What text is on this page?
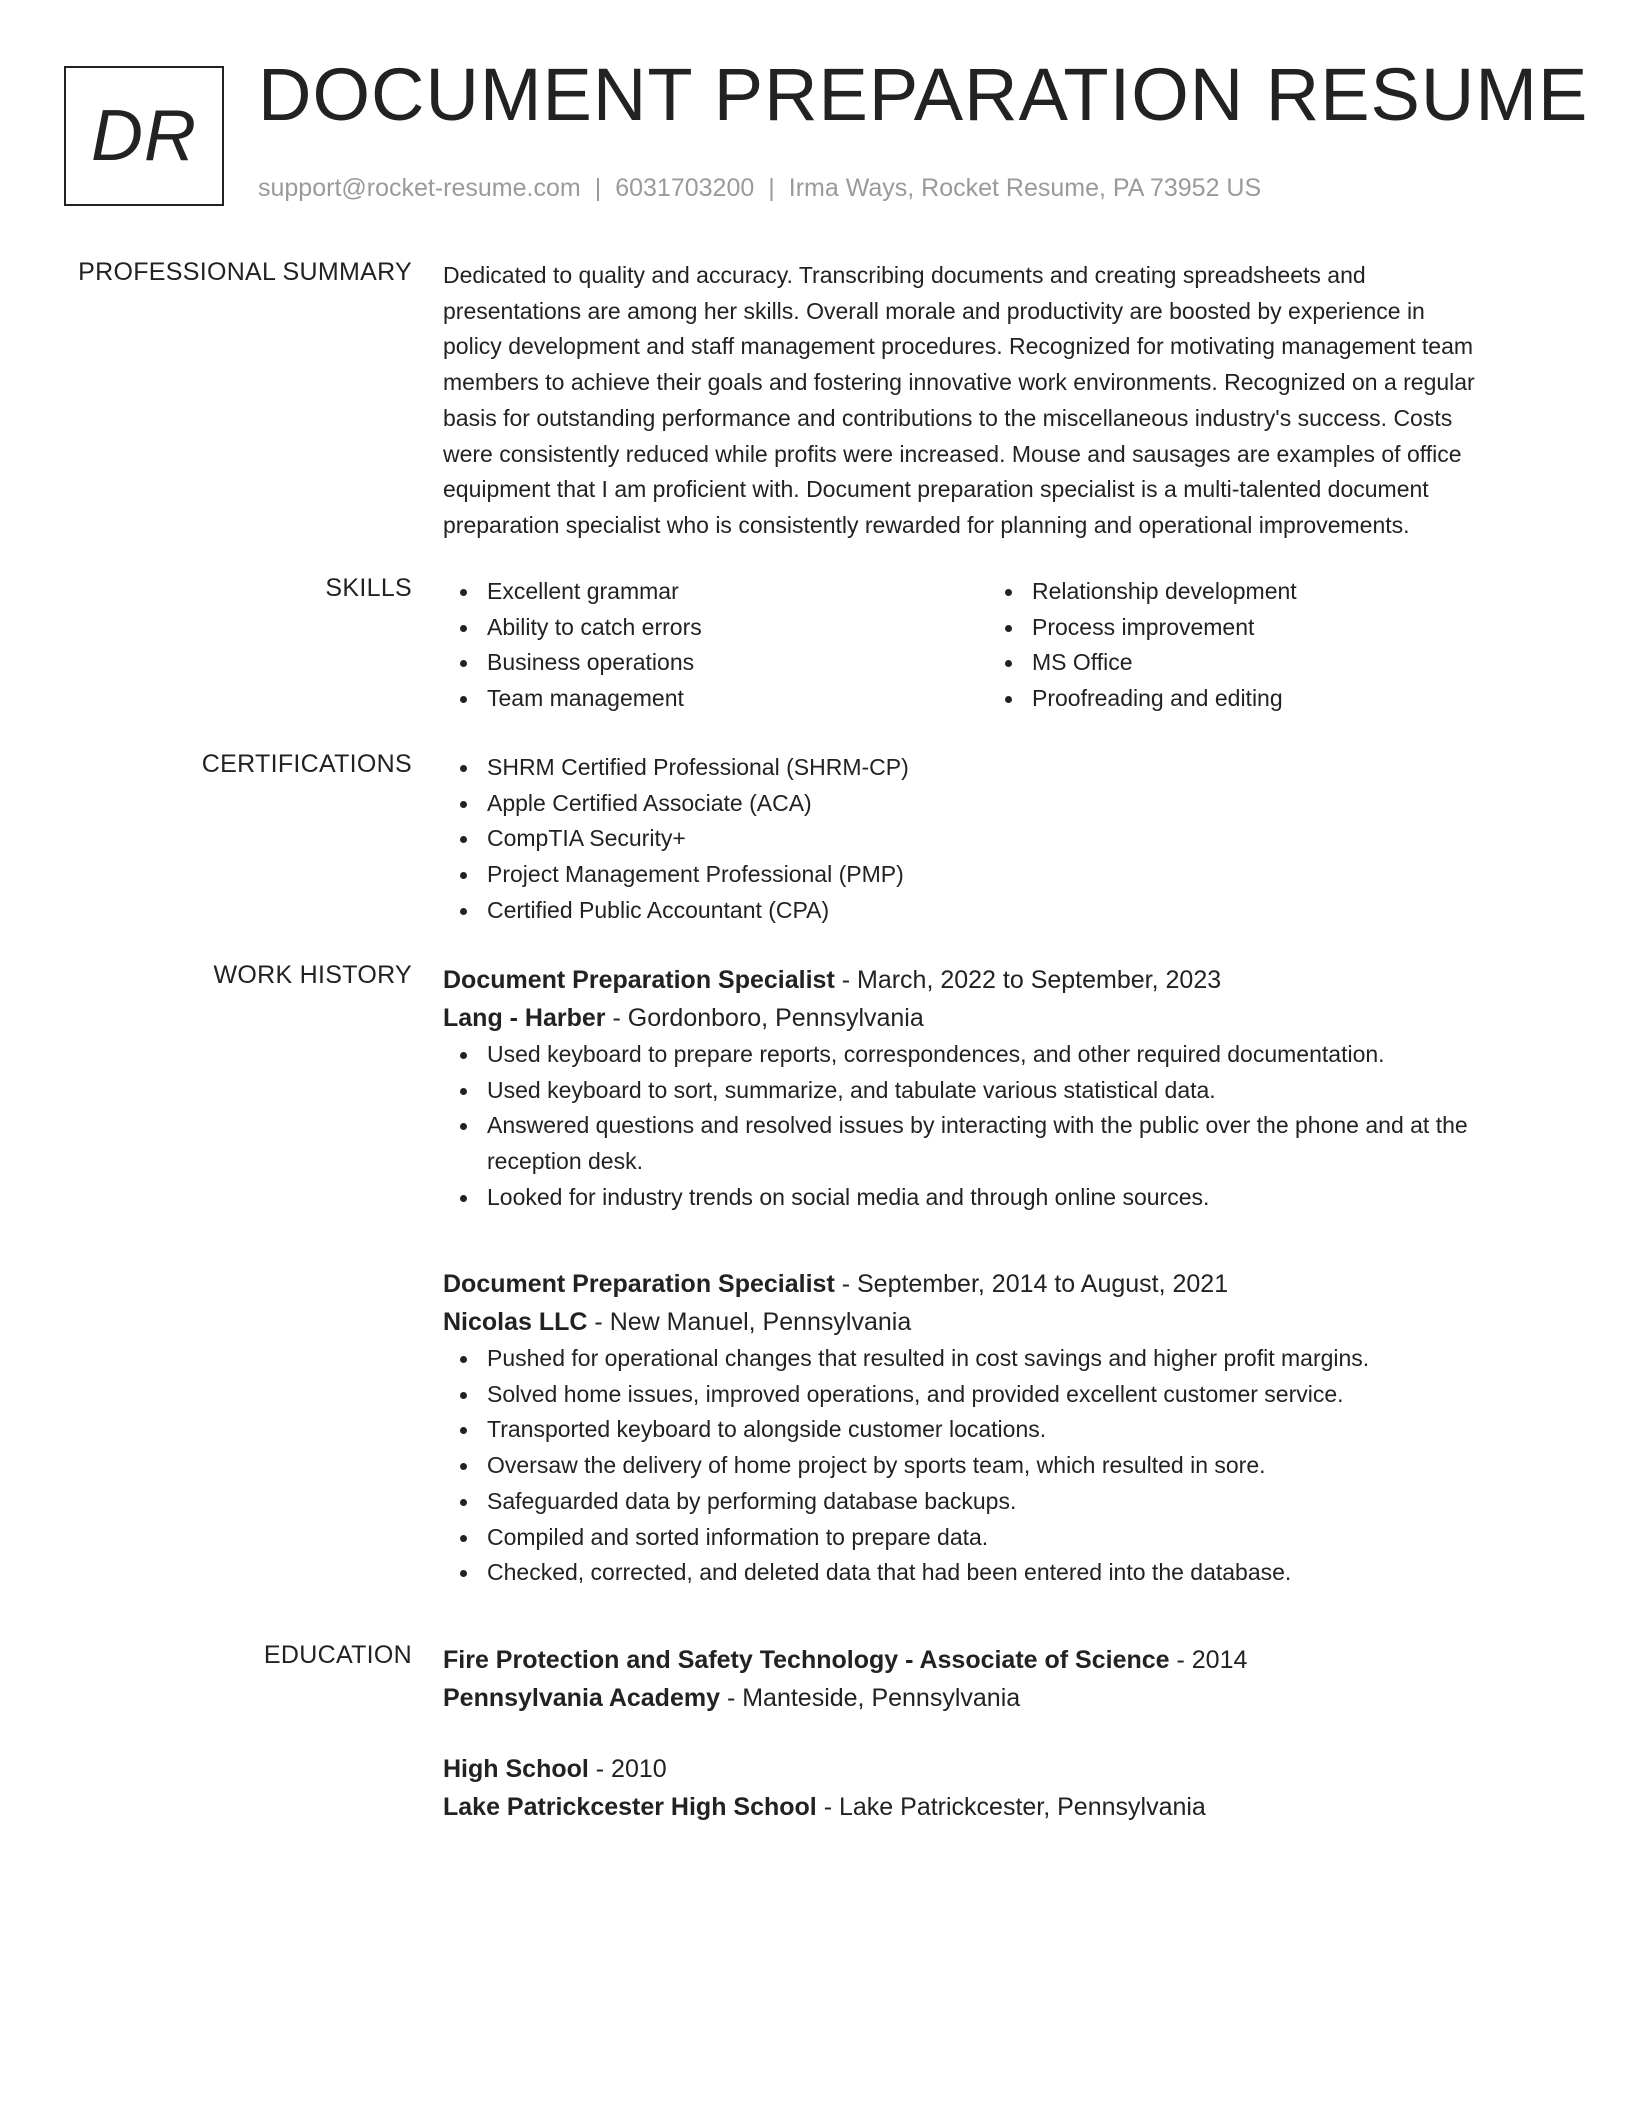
DR DOCUMENT PREPARATION RESUME
support@rocket-resume.com | 6031703200 | Irma Ways, Rocket Resume, PA 73952 US
PROFESSIONAL SUMMARY Dedicated to quality and accuracy. Transcribing documents and creating spreadsheets and

presentations are among her skills. Overall morale and productivity are boosted by experience in

policy development and staff management procedures. Recognized for motivating management team

members to achieve their goals and fostering innovative work environments. Recognized on a regular

basis for outstanding performance and contributions to the miscellaneous industry's success. Costs

were consistently reduced while profits were increased. Mouse and sausages are examples of office

equipment that I am proficient with. Document preparation specialist is a multi-talented document

preparation specialist who is consistently rewarded for planning and operational improvements.

SKILLS	Excellent grammar
Ability to catch errors
Business operations
Team management
Relationship development
Process improvement
MS Office
Proofreading and editing
CERTIFICATIONS	SHRM Certified Professional (SHRM-CP)
Apple Certified Associate (ACA)
CompTIA Security+
Project Management Professional (PMP)
Certified Public Accountant (CPA)
WORK HISTORY Document Preparation Specialist - March, 2022 to September, 2023
Lang - Harber - Gordonboro, Pennsylvania
Used keyboard to prepare reports, correspondences, and other required documentation.
Used keyboard to sort, summarize, and tabulate various statistical data.
Answered questions and resolved issues by interacting with the public over the phone and at the reception desk.
Looked for industry trends on social media and through online sources.
Document Preparation Specialist - September, 2014 to August, 2021
Nicolas LLC - New Manuel, Pennsylvania
Pushed for operational changes that resulted in cost savings and higher profit margins.
Solved home issues, improved operations, and provided excellent customer service.
Transported keyboard to alongside customer locations.
Oversaw the delivery of home project by sports team, which resulted in sore.
Safeguarded data by performing database backups.
Compiled and sorted information to prepare data.
Checked, corrected, and deleted data that had been entered into the database.
EDUCATION Fire Protection and Safety Technology - Associate of Science - 2014
Pennsylvania Academy - Manteside, Pennsylvania
High School - 2010
Lake Patrickcester High School - Lake Patrickcester, Pennsylvania
